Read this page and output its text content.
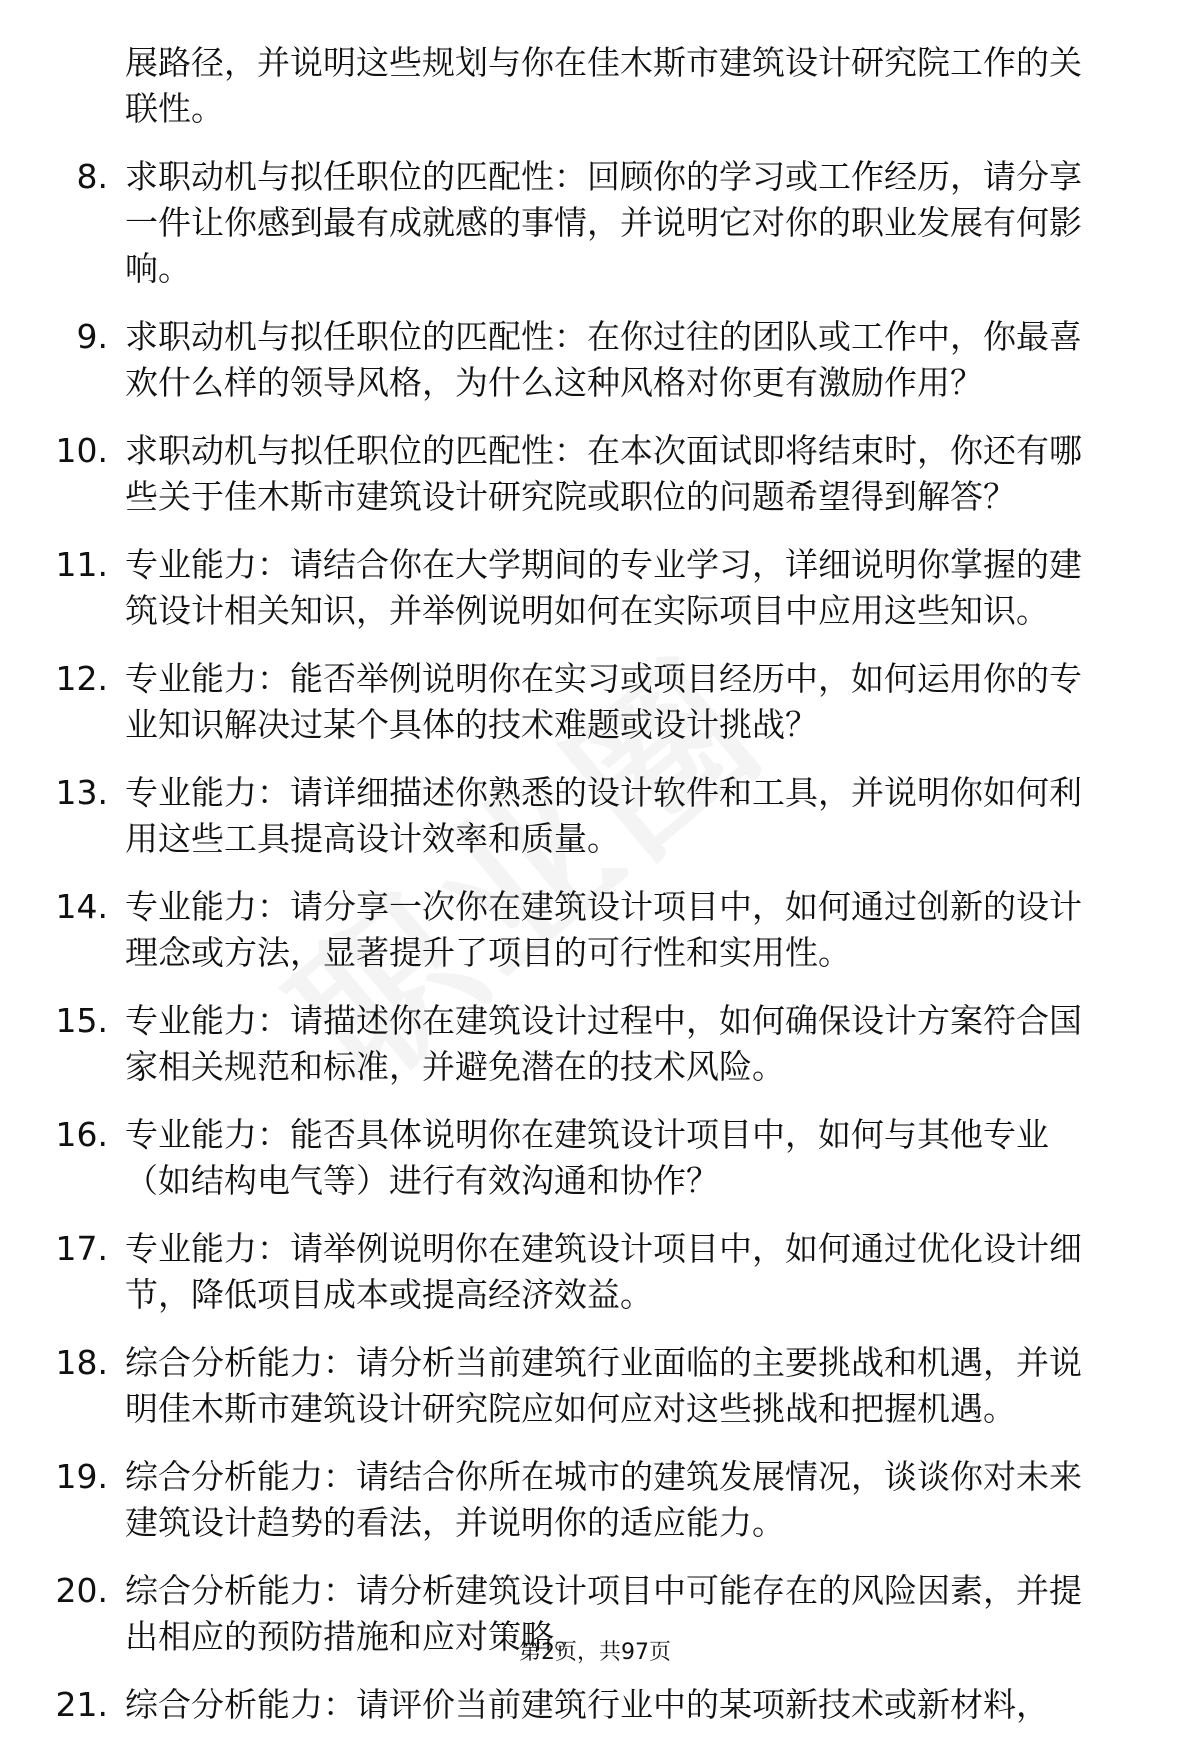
展路径，并说明这些规划与你在佳木斯市建筑设计研究院工作的关联性。

8. 求职动机与拟任职位的匹配性：回顾你的学习或工作经历，请分享一件让你感到最有成就感的事情，并说明它对你的职业发展有何影响。
9. 求职动机与拟任职位的匹配性：在你过往的团队或工作中，你最喜欢什么样的领导风格，为什么这种风格对你更有激励作用？
10. 求职动机与拟任职位的匹配性：在本次面试即将结束时，你还有哪些关于佳木斯市建筑设计研究院或职位的问题希望得到解答？
11. 专业能力：请结合你在大学期间的专业学习，详细说明你掌握的建筑设计相关知识，并举例说明如何在实际项目中应用这些知识。
12. 专业能力：能否举例说明你在实习或项目经历中，如何运用你的专业知识解决过某个具体的技术难题或设计挑战？
13. 专业能力：请详细描述你熟悉的设计软件和工具，并说明你如何利用这些工具提高设计效率和质量。
14. 专业能力：请分享一次你在建筑设计项目中，如何通过创新的设计理念或方法，显著提升了项目的可行性和实用性。
15. 专业能力：请描述你在建筑设计过程中，如何确保设计方案符合国家相关规范和标准，并避免潜在的技术风险。
16. 专业能力：能否具体说明你在建筑设计项目中，如何与其他专业（如结构电气等）进行有效沟通和协作？
17. 专业能力：请举例说明你在建筑设计项目中，如何通过优化设计细节，降低项目成本或提高经济效益。
18. 综合分析能力：请分析当前建筑行业面临的主要挑战和机遇，并说明佳木斯市建筑设计研究院应如何应对这些挑战和把握机遇。
19. 综合分析能力：请结合你所在城市的建筑发展情况，谈谈你对未来建筑设计趋势的看法，并说明你的适应能力。
20. 综合分析能力：请分析建筑设计项目中可能存在的风险因素，并提出相应的预防措施和应对策略。
21. 综合分析能力：请评价当前建筑行业中的某项新技术或新材料，
第2页，共97页
